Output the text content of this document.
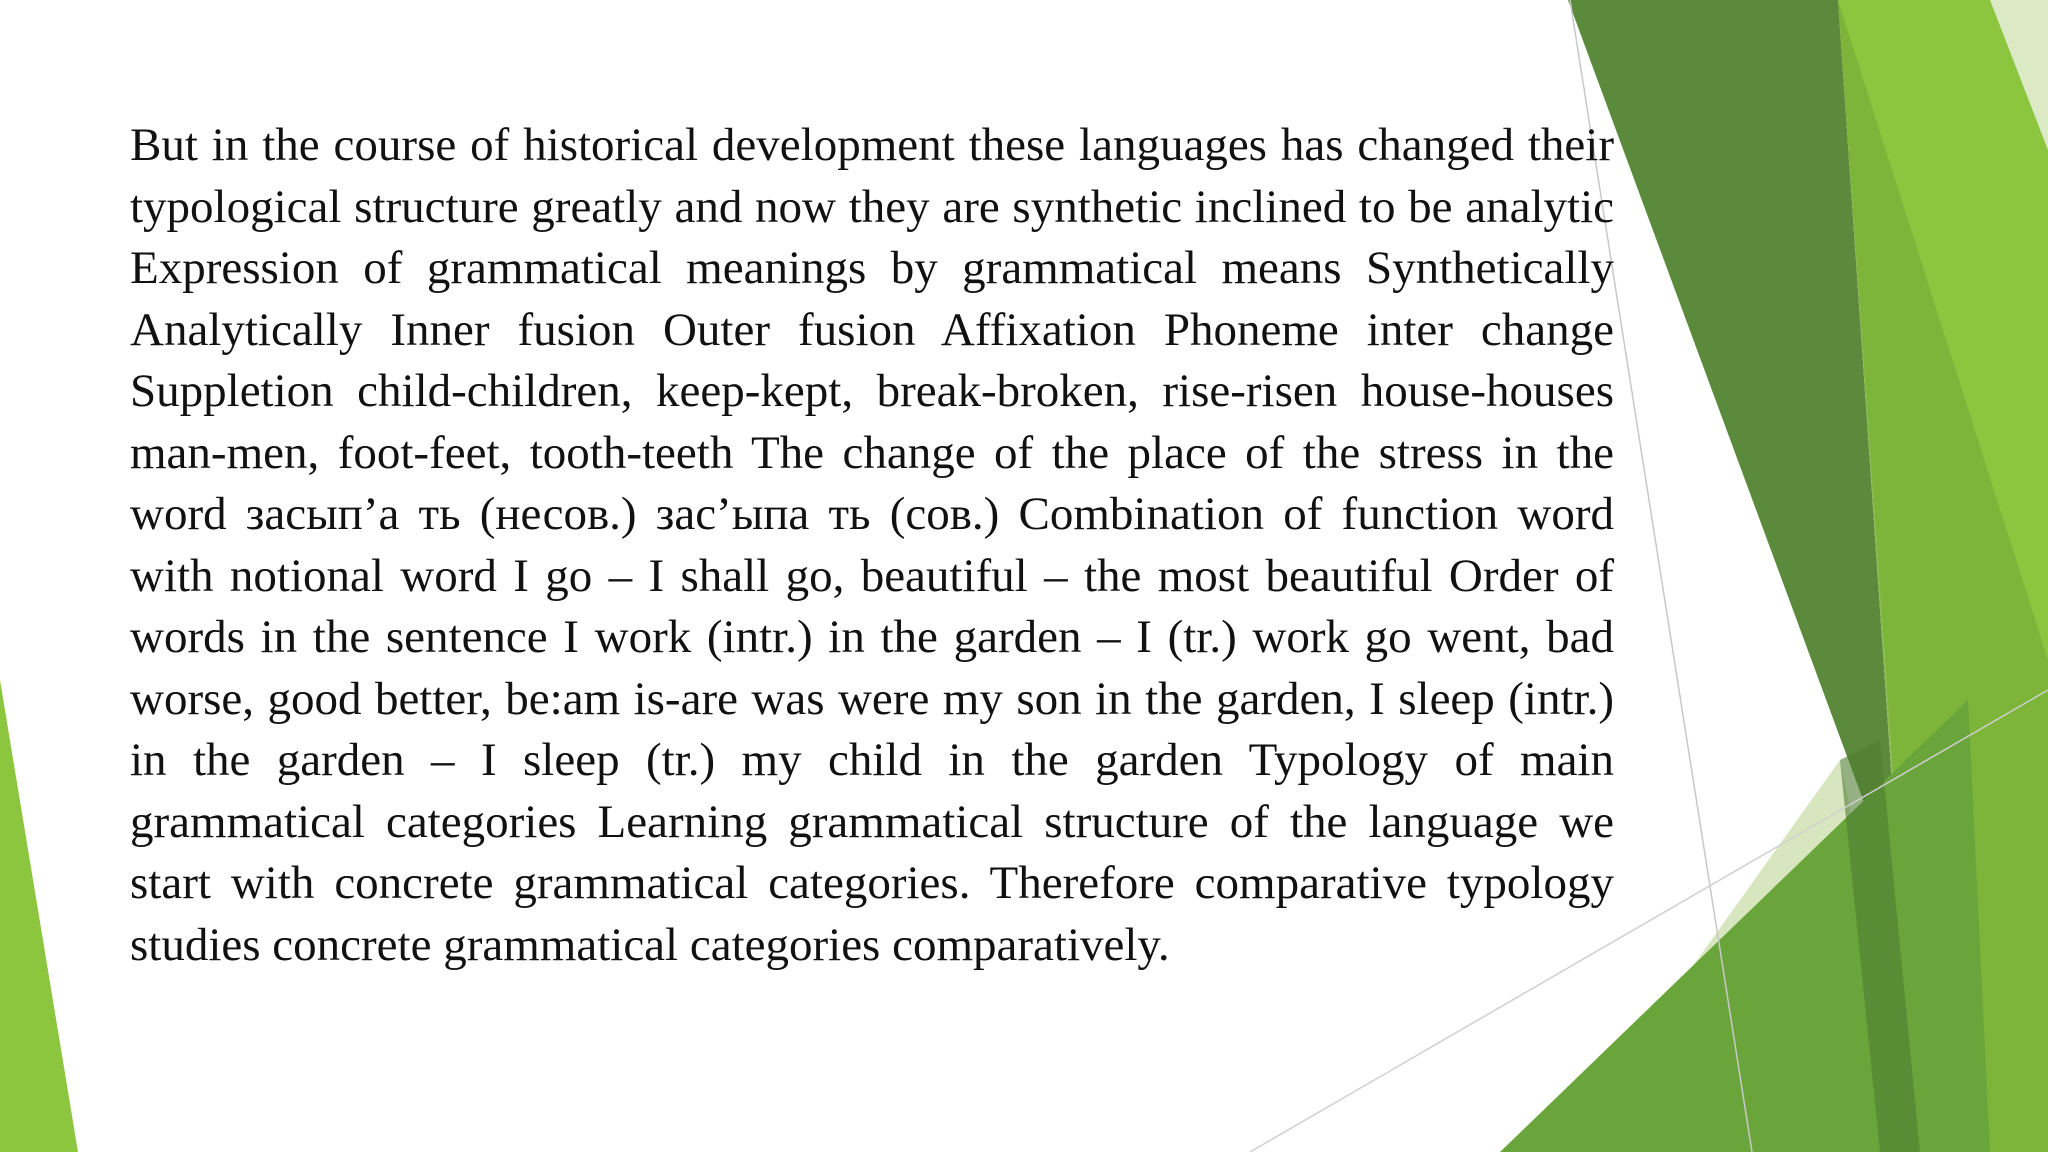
But in the course of historical development these languages has changed their typological structure greatly and now they are synthetic inclined to be analytic Expression of grammatical meanings by grammatical means Synthetically Analytically Inner fusion Outer fusion Affixation Phoneme inter change Suppletion child-children, keep-kept, break-broken, rise-risen house-houses man-men, foot-feet, tooth-teeth The change of the place of the stress in the word засып’а ть (несов.) зас’ыпа ть (сов.) Combination of function word with notional word I go – I shall go, beautiful – the most beautiful Order of words in the sentence I work (intr.) in the garden – I (tr.) work go went, bad worse, good better, be:am is-are was were my son in the garden, I sleep (intr.) in the garden – I sleep (tr.) my child in the garden Typology of main grammatical categories Learning grammatical structure of the language we start with concrete grammatical categories. Therefore comparative typology studies concrete grammatical categories comparatively.
